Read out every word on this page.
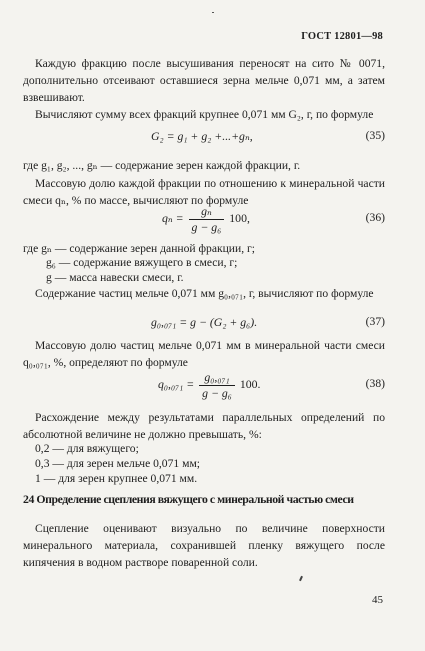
ГОСТ 12801—98
Каждую фракцию после высушивания переносят на сито № 0071, дополнительно отсеивают оставшиеся зерна мельче 0,071 мм, а затем взвешивают.
Вычисляют сумму всех фракций крупнее 0,071 мм G₂, г, по формуле
G₂ = g₁ + g₂ +...+gₙ,	(35)
где g₁, g₂, ..., gₙ — содержание зерен каждой фракции, г.
Массовую долю каждой фракции по отношению к минеральной части смеси qₙ, % по массе, вычисляют по формуле
$q_n = \frac{\text{gₙ}}{\text{g − g₆}} 100$,	(36)
где gₙ — содержание зерен данной фракции, г;
g₆ — содержание вяжущего в смеси, г;
g — масса навески смеси, г.
Содержание частиц мельче 0,071 мм g₀,₀₇₁, г, вычисляют по формуле
g₀,₀₇₁ = g − (G₂ + g₆).	(37)
Массовую долю частиц мельче 0,071 мм в минеральной части смеси q₀,₀₇₁, %, определяют по формуле
$q_0,_{071} = \frac{\text{g₀,₀₇₁}}{\text{g − g₆}} 100$.	(38)
Расхождение между результатами параллельных определений по абсолютной величине не должно превышать, %:
0,2 — для вяжущего;
0,3 — для зерен мельче 0,071 мм;
1 — для зерен крупнее 0,071 мм.
24 Определение сцепления вяжущего с минеральной частью смеси
Сцепление оценивают визуально по величине поверхности минерального материала, сохранившей пленку вяжущего после кипячения в водном растворе поваренной соли.
45
